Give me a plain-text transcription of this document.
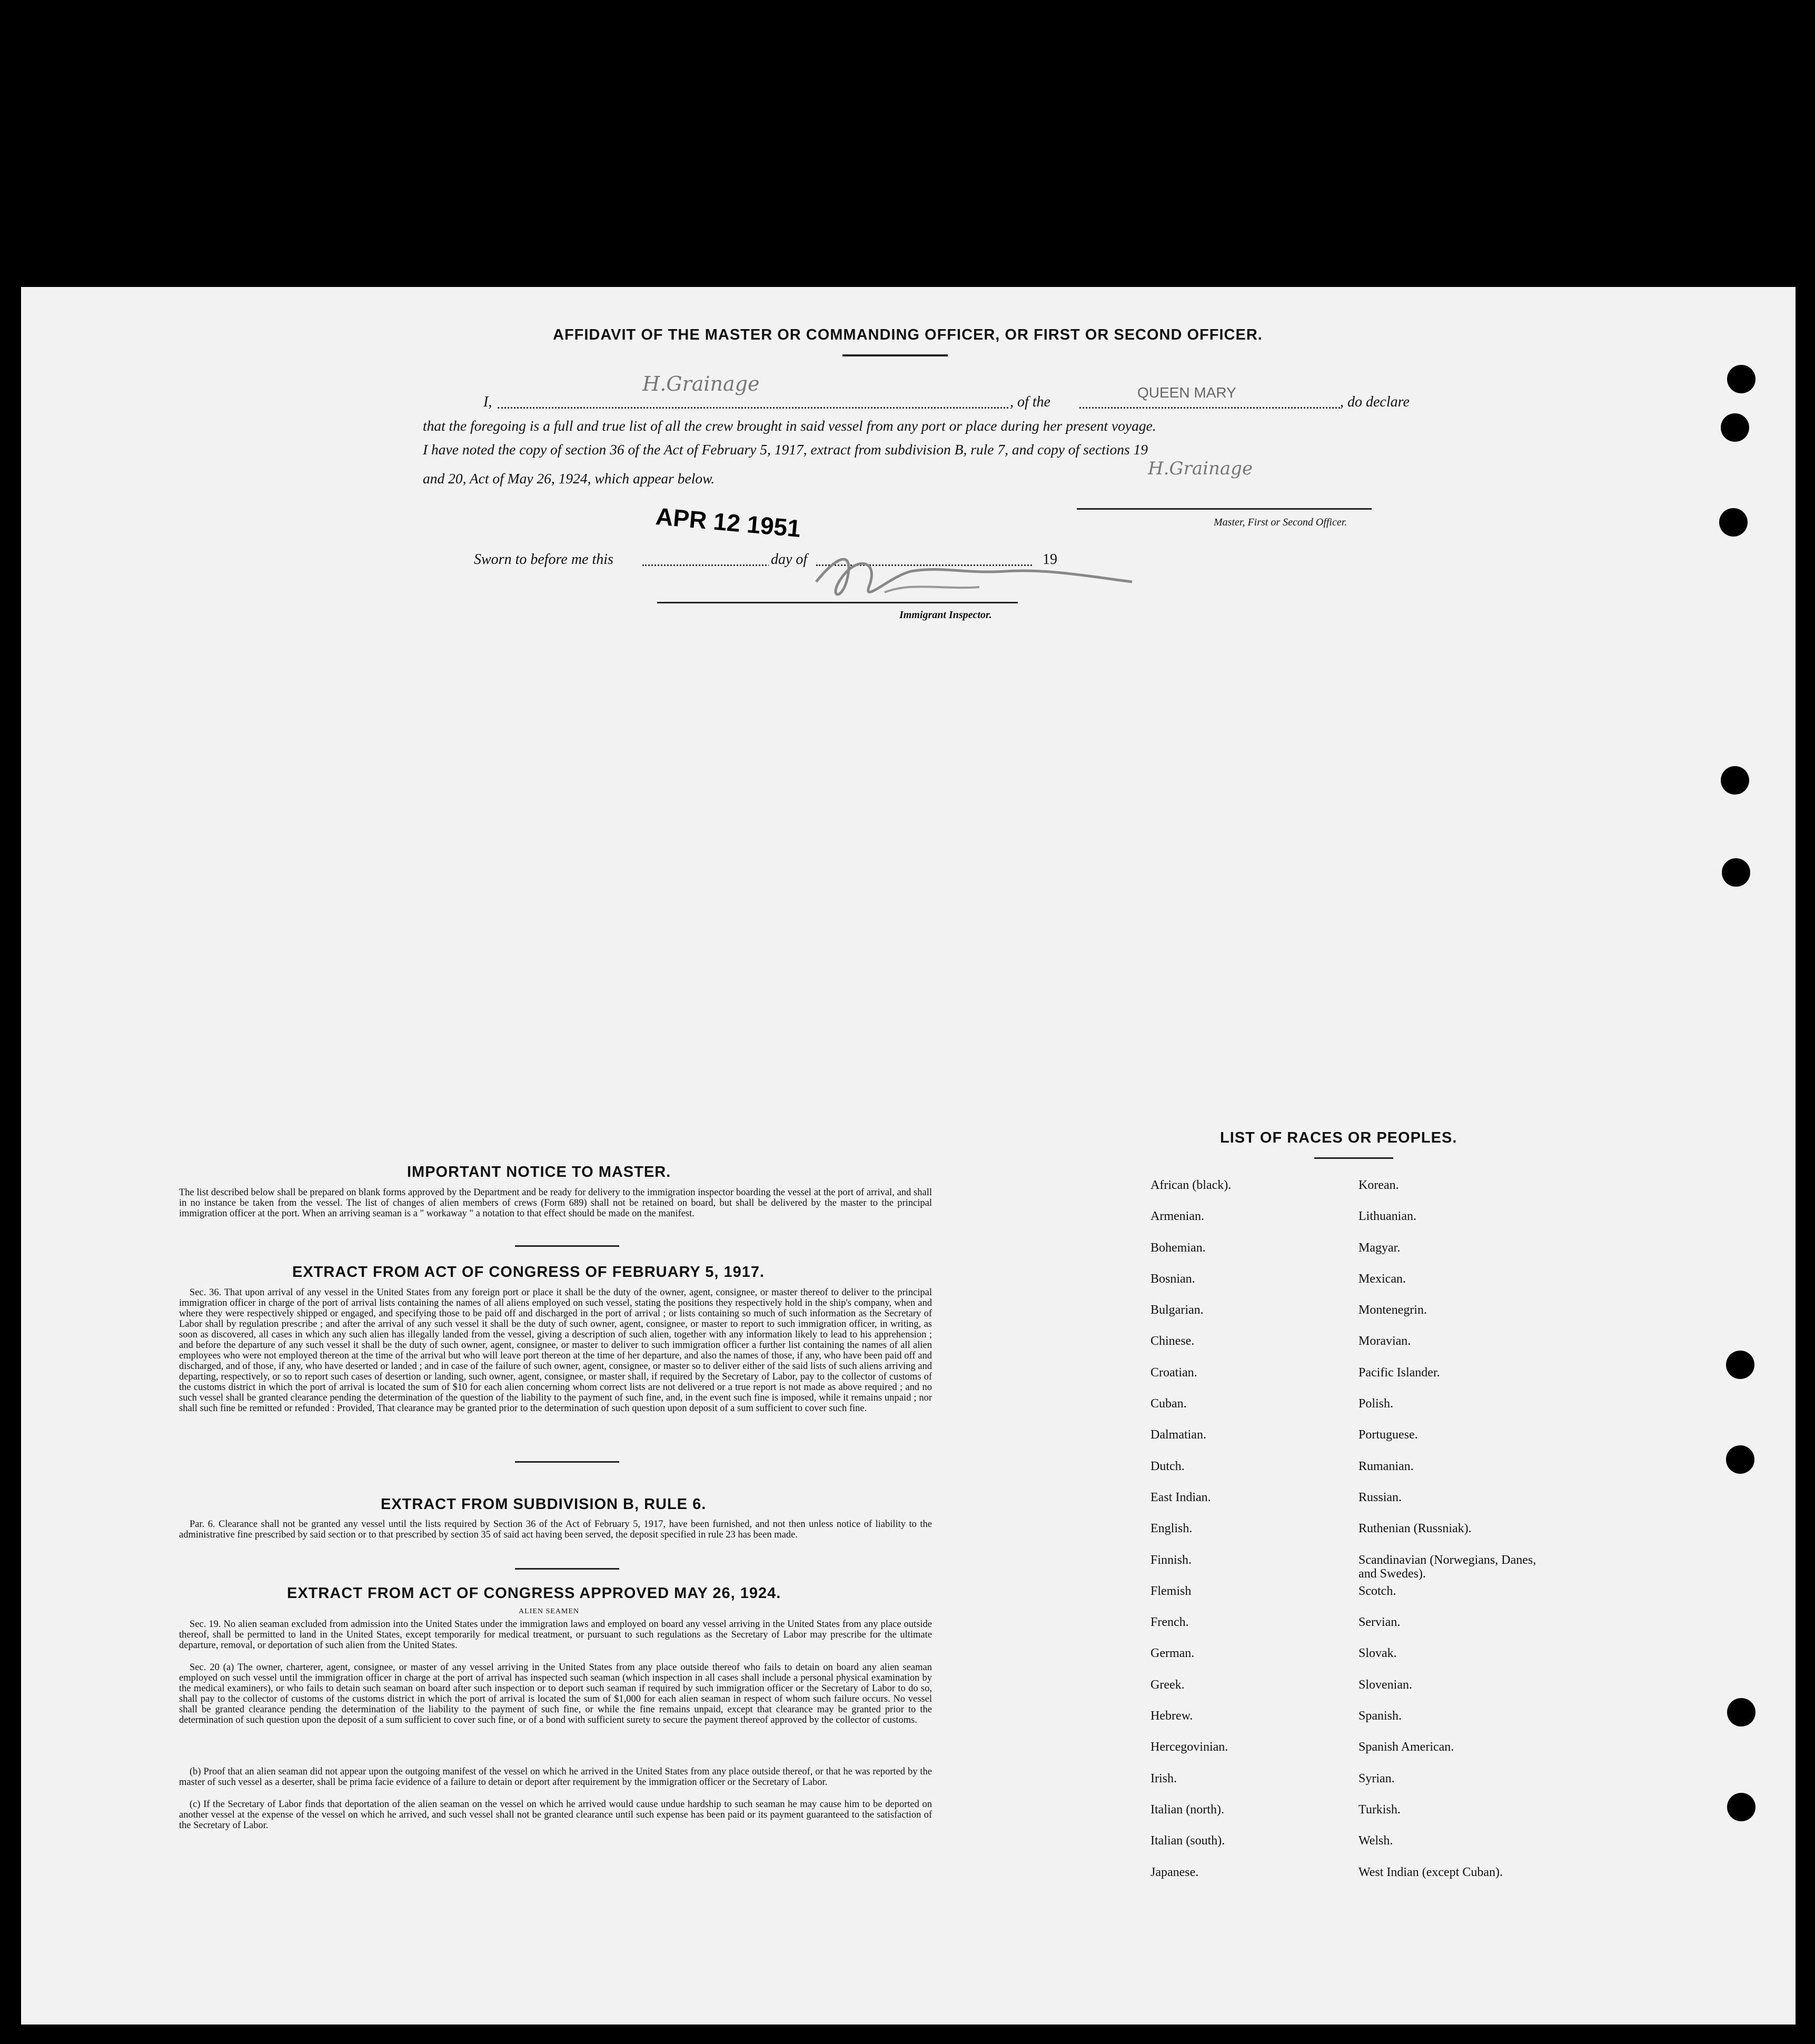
AFFIDAVIT OF THE MASTER OR COMMANDING OFFICER, OR FIRST OR SECOND OFFICER.
I,
H.Grainage
, of the
QUEEN MARY
, do declare
that the foregoing is a full and true list of all the crew brought in said vessel from any port or place during her present voyage.
I have noted the copy of section 36 of the Act of February 5, 1917, extract from subdivision B, rule 7, and copy of sections 19
and 20, Act of May 26, 1924, which appear below.	H.Grainage
Master, First or Second Officer.
APR 12 1951
Sworn to before me this	day of	19
Immigrant Inspector.
IMPORTANT NOTICE TO MASTER.
The list described below shall be prepared on blank forms approved by the Department and be ready for delivery to the immigration inspector boarding the vessel at the port of arrival, and shall in no instance be taken from the vessel. The list of changes of alien members of crews (Form 689) shall not be retained on board, but shall be delivered by the master to the principal immigration officer at the port. When an arriving seaman is a " workaway " a notation to that effect should be made on the manifest.
EXTRACT FROM ACT OF CONGRESS OF FEBRUARY 5, 1917.
Sec. 36. That upon arrival of any vessel in the United States from any foreign port or place it shall be the duty of the owner, agent, consignee, or master thereof to deliver to the principal immigration officer in charge of the port of arrival lists containing the names of all aliens employed on such vessel, stating the positions they respectively hold in the ship's company, when and where they were respectively shipped or engaged, and specifying those to be paid off and discharged in the port of arrival ; or lists containing so much of such information as the Secretary of Labor shall by regulation prescribe ; and after the arrival of any such vessel it shall be the duty of such owner, agent, consignee, or master to report to such immigration officer, in writing, as soon as discovered, all cases in which any such alien has illegally landed from the vessel, giving a description of such alien, together with any information likely to lead to his apprehension ; and before the departure of any such vessel it shall be the duty of such owner, agent, consignee, or master to deliver to such immigration officer a further list containing the names of all alien employees who were not employed thereon at the time of the arrival but who will leave port thereon at the time of her departure, and also the names of those, if any, who have been paid off and discharged, and of those, if any, who have deserted or landed ; and in case of the failure of such owner, agent, consignee, or master so to deliver either of the said lists of such aliens arriving and departing, respectively, or so to report such cases of desertion or landing, such owner, agent, consignee, or master shall, if required by the Secretary of Labor, pay to the collector of customs of the customs district in which the port of arrival is located the sum of $10 for each alien concerning whom correct lists are not delivered or a true report is not made as above required ; and no such vessel shall be granted clearance pending the determination of the question of the liability to the payment of such fine, and, in the event such fine is imposed, while it remains unpaid ; nor shall such fine be remitted or refunded : Provided, That clearance may be granted prior to the determination of such question upon deposit of a sum sufficient to cover such fine.
EXTRACT FROM SUBDIVISION B, RULE 6.
Par. 6. Clearance shall not be granted any vessel until the lists required by Section 36 of the Act of February 5, 1917, have been furnished, and not then unless notice of liability to the administrative fine prescribed by said section or to that prescribed by section 35 of said act having been served, the deposit specified in rule 23 has been made.
EXTRACT FROM ACT OF CONGRESS APPROVED MAY 26, 1924.
ALIEN SEAMEN
Sec. 19. No alien seaman excluded from admission into the United States under the immigration laws and employed on board any vessel arriving in the United States from any place outside thereof, shall be permitted to land in the United States, except temporarily for medical treatment, or pursuant to such regulations as the Secretary of Labor may prescribe for the ultimate departure, removal, or deportation of such alien from the United States.
Sec. 20 (a) The owner, charterer, agent, consignee, or master of any vessel arriving in the United States from any place outside thereof who fails to detain on board any alien seaman employed on such vessel until the immigration officer in charge at the port of arrival has inspected such seaman (which inspection in all cases shall include a personal physical examination by the medical examiners), or who fails to detain such seaman on board after such inspection or to deport such seaman if required by such immigration officer or the Secretary of Labor to do so, shall pay to the collector of customs of the customs district in which the port of arrival is located the sum of $1,000 for each alien seaman in respect of whom such failure occurs. No vessel shall be granted clearance pending the determination of the liability to the payment of such fine, or while the fine remains unpaid, except that clearance may be granted prior to the determination of such question upon the deposit of a sum sufficient to cover such fine, or of a bond with sufficient surety to secure the payment thereof approved by the collector of customs.
(b) Proof that an alien seaman did not appear upon the outgoing manifest of the vessel on which he arrived in the United States from any place outside thereof, or that he was reported by the master of such vessel as a deserter, shall be prima facie evidence of a failure to detain or deport after requirement by the immigration officer or the Secretary of Labor.
(c) If the Secretary of Labor finds that deportation of the alien seaman on the vessel on which he arrived would cause undue hardship to such seaman he may cause him to be deported on another vessel at the expense of the vessel on which he arrived, and such vessel shall not be granted clearance until such expense has been paid or its payment guaranteed to the satisfaction of the Secretary of Labor.
LIST OF RACES OR PEOPLES.
African (black).
Armenian.
Bohemian.
Bosnian.
Bulgarian.
Chinese.
Croatian.
Cuban.
Dalmatian.
Dutch.
East Indian.
English.
Finnish.
Flemish
French.
German.
Greek.
Hebrew.
Hercegovinian.
Irish.
Italian (north).
Italian (south).
Japanese.
Korean.
Lithuanian.
Magyar.
Mexican.
Montenegrin.
Moravian.
Pacific Islander.
Polish.
Portuguese.
Rumanian.
Russian.
Ruthenian (Russniak).
Scandinavian (Norwegians, Danes, and Swedes).
Scotch.
Servian.
Slovak.
Slovenian.
Spanish.
Spanish American.
Syrian.
Turkish.
Welsh.
West Indian (except Cuban).
